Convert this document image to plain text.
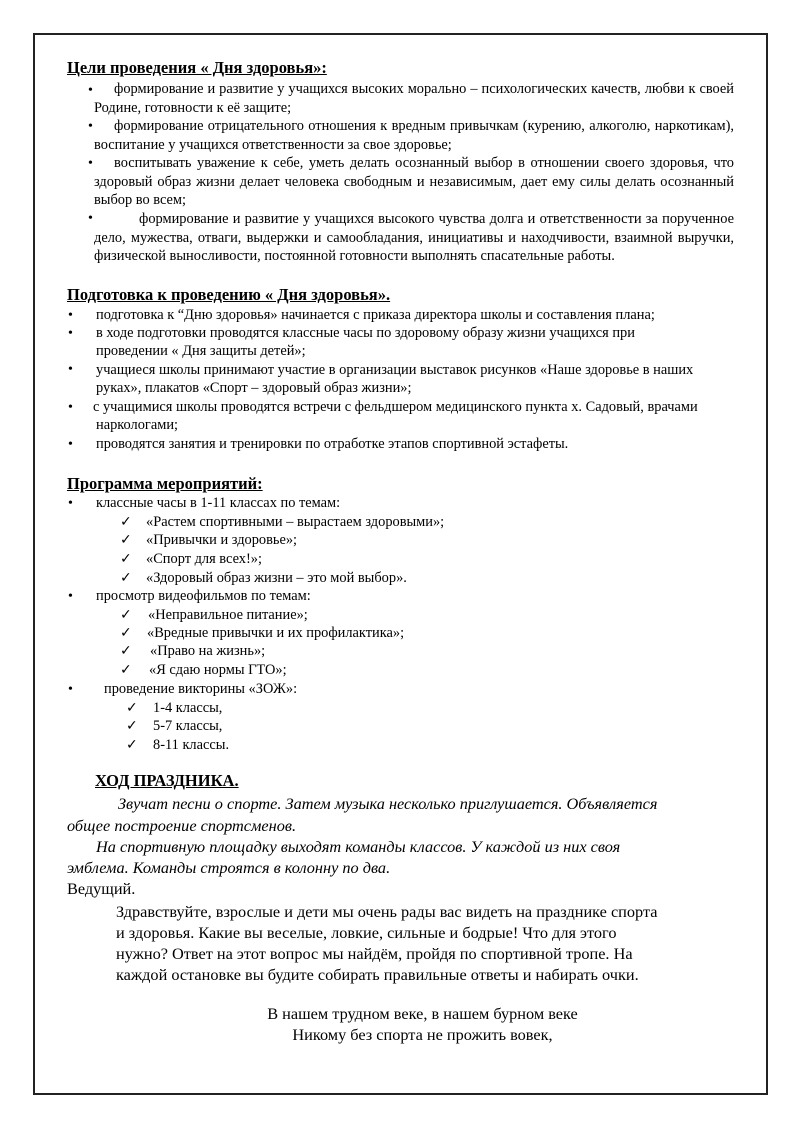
Цели проведения « Дня здоровья»:
•	формирование и развитие у учащихся высоких морально – психологических качеств, любви к своей Родине, готовности к её защите;
•	формирование отрицательного отношения к вредным привычкам (курению, алкоголю, наркотикам), воспитание у учащихся ответственности за свое здоровье;
•	воспитывать уважение к себе, уметь делать осознанный выбор в отношении своего здоровья, что здоровый образ жизни делает человека свободным и независимым, дает ему силы делать осознанный выбор во всем;
•	формирование и развитие у учащихся высокого чувства долга и ответственности за порученное дело, мужества, отваги, выдержки и самообладания, инициативы и находчивости, взаимной выручки, физической выносливости, постоянной готовности выполнять спасательные работы.
Подготовка к проведению « Дня здоровья».
• подготовка к “Дню здоровья» начинается с приказа директора школы и составления плана;
• в ходе подготовки проводятся классные часы по здоровому образу жизни учащихся при проведении « Дня защиты детей»;
• учащиеся школы принимают участие в организации выставок рисунков «Наше здоровье в наших руках», плакатов «Спорт – здоровый образ жизни»;
• с учащимися школы проводятся встречи с фельдшером медицинского пункта х. Садовый, врачами наркологами;
• проводятся занятия и тренировки по отработке этапов спортивной эстафеты.
Программа мероприятий:
• классные часы в 1-11 классах по темам:
✓ «Растем спортивными – вырастаем здоровыми»;
✓ «Привычки и здоровье»;
✓ «Спорт для всех!»;
✓ «Здоровый образ жизни – это мой выбор».
• просмотр видеофильмов по темам:
✓ «Неправильное питание»;
✓ «Вредные привычки и их профилактика»;
✓ «Право на жизнь»;
✓ «Я сдаю нормы ГТО»;
• проведение викторины «ЗОЖ»:
✓ 1-4 классы,
✓ 5-7 классы,
✓ 8-11 классы.
ХОД ПРАЗДНИКА.
Звучат песни о спорте. Затем музыка несколько приглушается. Объявляется
общее построение спортсменов.
На спортивную площадку выходят команды классов. У каждой из них своя
эмблема. Команды строятся в колонну по два.
Ведущий.
Здравствуйте, взрослые и дети мы очень рады вас видеть на празднике спорта
и здоровья. Какие вы веселые, ловкие, сильные и бодрые! Что для этого
нужно? Ответ на этот вопрос мы найдём, пройдя по спортивной тропе. На
каждой остановке вы будите собирать правильные ответы и набирать очки.
В нашем трудном веке, в нашем бурном веке
Никому без спорта не прожить вовек,
